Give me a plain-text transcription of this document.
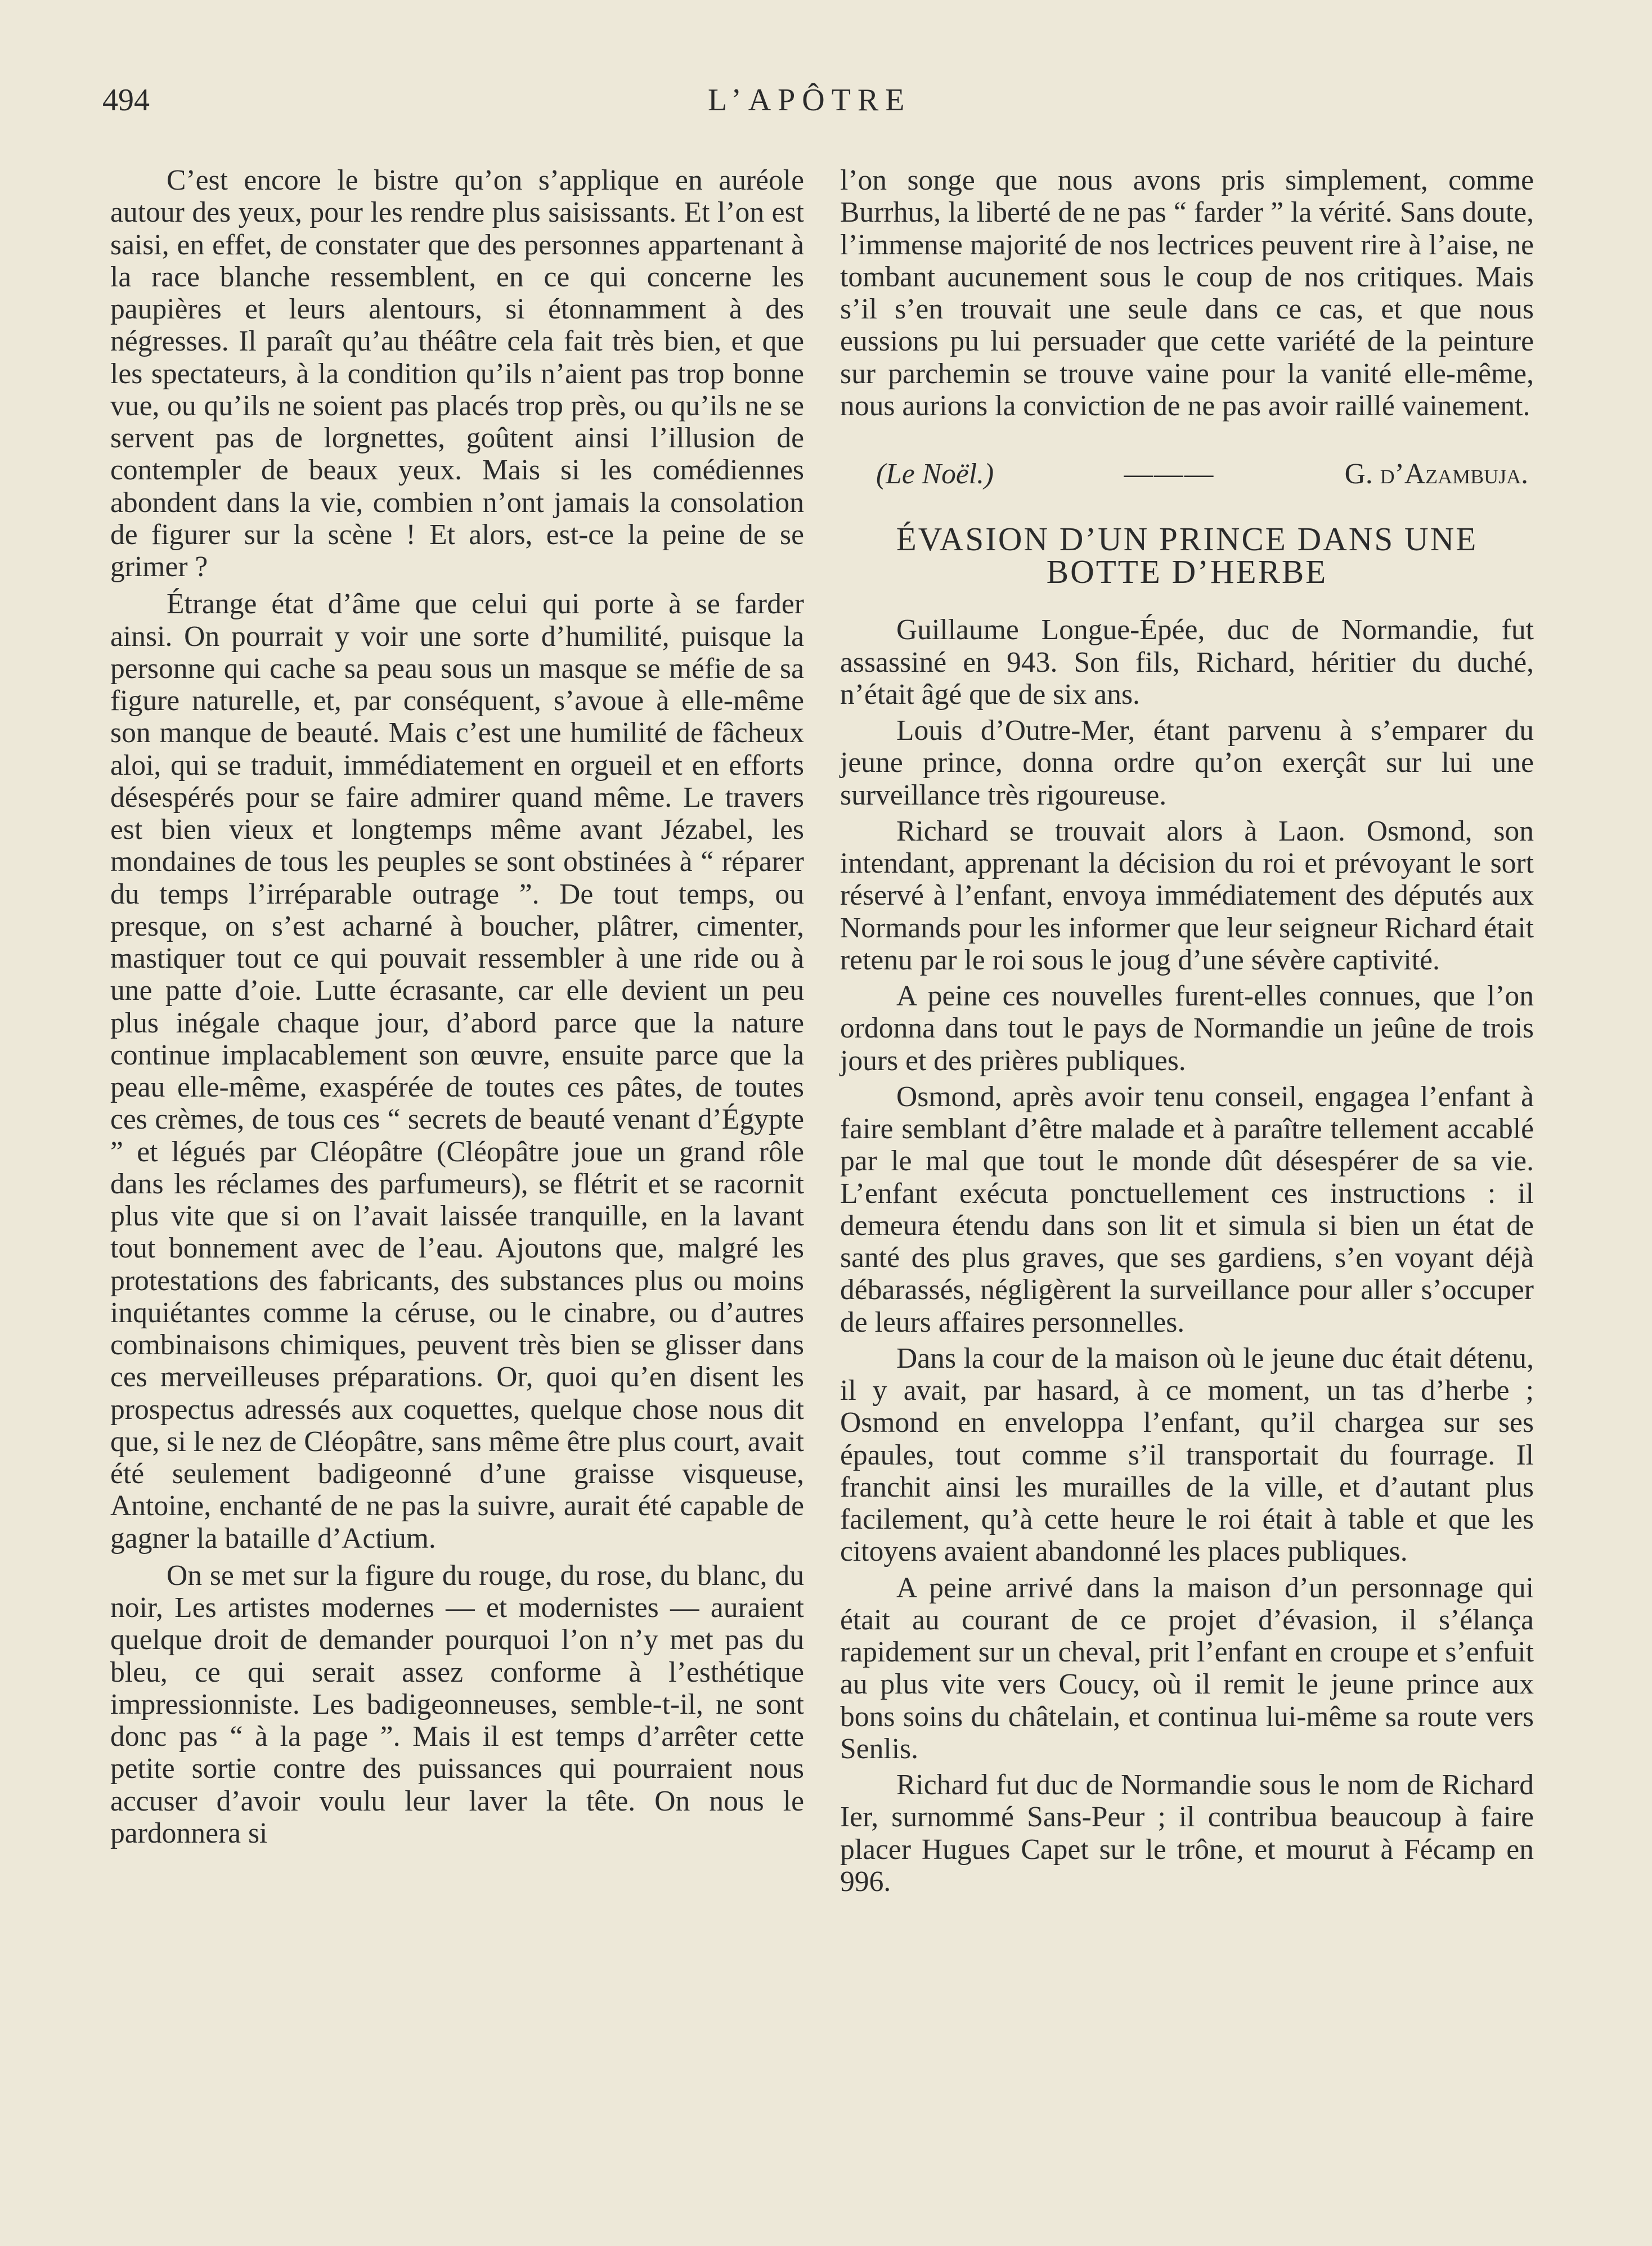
494	L’APÔTRE

C’est encore le bistre qu’on s’applique en auréole autour des yeux, pour les rendre plus saisissants. Et l’on est saisi, en effet, de constater que des personnes appartenant à la race blanche ressemblent, en ce qui concerne les paupières et leurs alentours, si étonnamment à des négresses. Il paraît qu’au théâtre cela fait très bien, et que les spectateurs, à la condition qu’ils n’aient pas trop bonne vue, ou qu’ils ne soient pas placés trop près, ou qu’ils ne se servent pas de lorgnettes, goûtent ainsi l’illusion de contempler de beaux yeux. Mais si les comédiennes abondent dans la vie, combien n’ont jamais la consolation de figurer sur la scène ! Et alors, est-ce la peine de se grimer ?

Étrange état d’âme que celui qui porte à se farder ainsi. On pourrait y voir une sorte d’humilité, puisque la personne qui cache sa peau sous un masque se méfie de sa figure naturelle, et, par conséquent, s’avoue à elle-même son manque de beauté. Mais c’est une humilité de fâcheux aloi, qui se traduit, immédiatement en orgueil et en efforts désespérés pour se faire admirer quand même. Le travers est bien vieux et longtemps même avant Jézabel, les mondaines de tous les peuples se sont obstinées à “ réparer du temps l’irréparable outrage ”. De tout temps, ou presque, on s’est acharné à boucher, plâtrer, cimenter, mastiquer tout ce qui pouvait ressembler à une ride ou à une patte d’oie. Lutte écrasante, car elle devient un peu plus inégale chaque jour, d’abord parce que la nature continue implacablement son œuvre, ensuite parce que la peau elle-même, exaspérée de toutes ces pâtes, de toutes ces crèmes, de tous ces “ secrets de beauté venant d’Égypte ” et légués par Cléopâtre (Cléopâtre joue un grand rôle dans les réclames des parfumeurs), se flétrit et se racornit plus vite que si on l’avait laissée tranquille, en la lavant tout bonnement avec de l’eau. Ajoutons que, malgré les protestations des fabricants, des substances plus ou moins inquiétantes comme la céruse, ou le cinabre, ou d’autres combinaisons chimiques, peuvent très bien se glisser dans ces merveilleuses préparations. Or, quoi qu’en disent les prospectus adressés aux coquettes, quelque chose nous dit que, si le nez de Cléopâtre, sans même être plus court, avait été seulement badigeonné d’une graisse visqueuse, Antoine, enchanté de ne pas la suivre, aurait été capable de gagner la bataille d’Actium.

On se met sur la figure du rouge, du rose, du blanc, du noir, Les artistes modernes — et modernistes — auraient quelque droit de demander pourquoi l’on n’y met pas du bleu, ce qui serait assez conforme à l’esthétique impressionniste. Les badigeonneuses, semble-t-il, ne sont donc pas “ à la page ”. Mais il est temps d’arrêter cette petite sortie contre des puissances qui pourraient nous accuser d’avoir voulu leur laver la tête. On nous le pardonnera si

l’on songe que nous avons pris simplement, comme Burrhus, la liberté de ne pas “ farder ” la vérité. Sans doute, l’immense majorité de nos lectrices peuvent rire à l’aise, ne tombant aucunement sous le coup de nos critiques. Mais s’il s’en trouvait une seule dans ce cas, et que nous eussions pu lui persuader que cette variété de la peinture sur parchemin se trouve vaine pour la vanité elle-même, nous aurions la conviction de ne pas avoir raillé vainement.

(Le Noël.)	———	G. d’Azambuja.
ÉVASION D’UN PRINCE DANS UNE
BOTTE D’HERBE

Guillaume Longue-Épée, duc de Normandie, fut assassiné en 943. Son fils, Richard, héritier du duché, n’était âgé que de six ans.

Louis d’Outre-Mer, étant parvenu à s’emparer du jeune prince, donna ordre qu’on exerçât sur lui une surveillance très rigoureuse.

Richard se trouvait alors à Laon. Osmond, son intendant, apprenant la décision du roi et prévoyant le sort réservé à l’enfant, envoya immédiatement des députés aux Normands pour les informer que leur seigneur Richard était retenu par le roi sous le joug d’une sévère captivité.

A peine ces nouvelles furent-elles connues, que l’on ordonna dans tout le pays de Normandie un jeûne de trois jours et des prières publiques.

Osmond, après avoir tenu conseil, engagea l’enfant à faire semblant d’être malade et à paraître tellement accablé par le mal que tout le monde dût désespérer de sa vie. L’enfant exécuta ponctuellement ces instructions : il demeura étendu dans son lit et simula si bien un état de santé des plus graves, que ses gardiens, s’en voyant déjà débarassés, négligèrent la surveillance pour aller s’occuper de leurs affaires personnelles.

Dans la cour de la maison où le jeune duc était détenu, il y avait, par hasard, à ce moment, un tas d’herbe ; Osmond en enveloppa l’enfant, qu’il chargea sur ses épaules, tout comme s’il transportait du fourrage. Il franchit ainsi les murailles de la ville, et d’autant plus facilement, qu’à cette heure le roi était à table et que les citoyens avaient abandonné les places publiques.

A peine arrivé dans la maison d’un personnage qui était au courant de ce projet d’évasion, il s’élança rapidement sur un cheval, prit l’enfant en croupe et s’enfuit au plus vite vers Coucy, où il remit le jeune prince aux bons soins du châtelain, et continua lui-même sa route vers Senlis.

Richard fut duc de Normandie sous le nom de Richard Ier, surnommé Sans-Peur ; il contribua beaucoup à faire placer Hugues Capet sur le trône, et mourut à Fécamp en 996.
